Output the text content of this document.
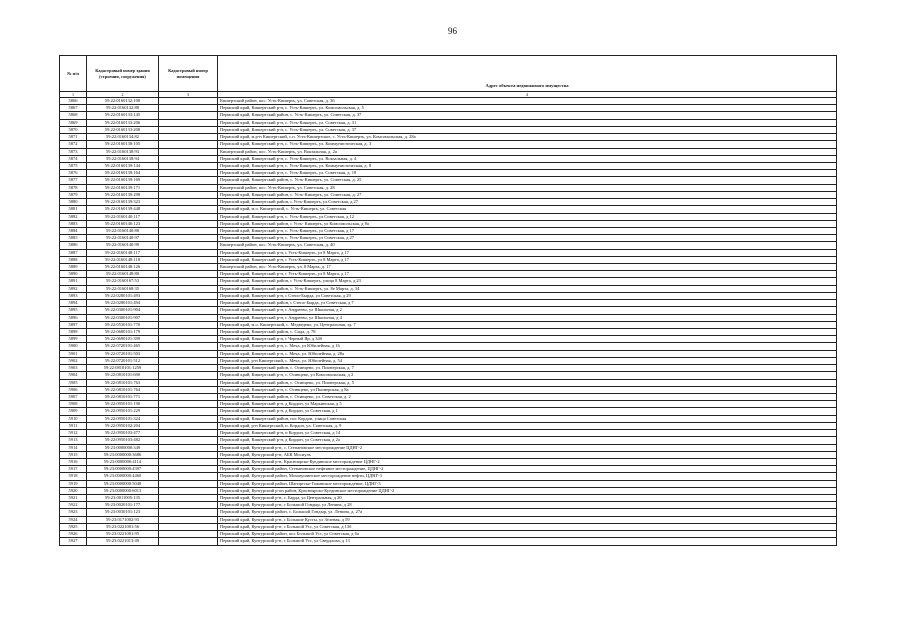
96
№ п/п	Кадастровый номер здания (строения, сооружения)	Кадастровый номер помещения	Адрес объекта недвижимого имущества
1	2	3	4
5866	59:22:0160132:108		Кишертский район, пос. Усть-Кишерть, ул. Советская, д. 36
5867	59:22:0160132:88		Пермский край, Кишертский р-н, с. Усть-Кишерть, ул. Комсомольская, д. 5
5868	59:22:0160133:145		Пермский край, Кишертский район, с. Усть-Кишерть, ул. Советская, д. 37
5869	59:22:0160133:206		Пермский край, Кишертский р-н, с. Усть-Кишерть, ул. Советская, д. 31
5870	59:22:0160133:208		Пермский край, Кишертский р-н, с. Усть-Кишерть, ул. Советская, д. 37
5871	59:22:0160134:82		Пермский край, м.р-н Кишертский, с.п. Усть-Кишертское, с. Усть-Кишерть, ул. Комсомольская, д. 28а
5872	59:22:0160138:105		Пермский край, Кишертский р-н, с. Усть-Кишерть, ул. Коммунистическая, д. 3
5873	59:22:0160138:93		Кишертский район, пос. Усть-Кишерть, ул. Вокзальная, д. 2а
5874	59:22:0160138:94		Пермский край, Кишертский р-н, с. Усть-Кишерть, ул. Вокзальная, д. 4
5875	59:22:0160139:144		Пермский край, Кишертский р-н, с. Усть-Кишерть, ул. Коммунистическая, д. 8
5876	59:22:0160139:164		Пермский край, Кишертский р-н, с. Усть-Кишерть, ул. Советская, д. 18
5877	59:22:0160139:169		Пермский край, Кишертский район, с. Усть-Кишерть, ул. Советская, д. 25
5878	59:22:0160139:171		Кишертский район, пос. Усть-Кишерть, ул. Советская, д. 28
5879	59:22:0160139:298		Пермский край, Кишертский район, с. Усть-Кишерть, ул. Советская, д. 27
5880	59:22:0160139:323		Пермский край, Кишертский район, с.Усть-Кишерть, ул.Советская, д.27
5881	59:22:0160139:448		Пермский край, м.о. Кишертский, с. Усть-Кишерть, ул. Советская
5882	59:22:0160140:117		Пермский край, Кишертский р-н, с. Усть-Кишерть, ул Советская, д 12
5883	59:22:0160140:123		Пермский край, Кишертский район, с Усть- Кишерть, ул Комсомольская, д 8а
5884	59:22:0160140:88		Пермский край, Кишертский р-н, с. Усть-Кишерть, ул Советская, д 17
5885	59:22:0160140:97		Пермский край, Кишертский р-н, с. Усть-Кишерть, ул Советская, д 27
5886	59:22:0160140:99		Кишертский район, пос. Усть-Кишерть, ул. Советская, д. 40
5887	59:22:0160148:117		Пермский край, Кишертский р-н, с Усть-Кишерть, ул 8 Марта, д 17
5888	59:22:0160148:118		Пермский край, Кишертский р-н, с Усть-Кишерть, ул 8 Марта, д 17
5889	59:22:0160148:126		Кишертский район, пос. Усть-Кишерть, ул. 8 Марта, д. 17
5890	59:22:0160148:80		Пермский край, Кишертский р-н, с Усть-Кишерть, ул 8 Марта, д 17
5891	59:22:0160167:53		Пермский край, Кишертский район, с Усть-Кишерть, улица 8 Марта, д 23
5892	59:22:0160168:35		Пермский край, Кишертский район, с. Усть-Кишерть, ул. 8е Марта, д. 34
5893	59:22:0280101:493		Пермский край, Кишертский р-н, с Степо-Бырда, ул Советская, д 29
5894	59:22:0280101:494		Пермский край, Кишертский район, с Степо-Бырда, ул Советская, д 7
5895	59:22:0300101:904		Пермский край, Кишертский р-н, с Андреево, ул Школьная, д 2
5896	59:22:0300101:907		Пермский край, Кишертский р-н, с Андреево, ул Школьная, д 4
5897	59:22:0530101:770		Пермский край, м.о. Кишертский, с. Медведево, ул. Центральная, зд. 7
5898	59:22:0680101:179		Пермский край, Кишертский район, с. Сида, д. 78
5899	59:22:0690101:399		Пермский край, Кишертский р-н, с Черный Яр, д 34б
5900	59:22:0720101:465		Пермский край, Кишертский р-н, с. Меча, ул Юбилейная, д 16
5901	59:22:0720101:503		Пермский край, Кишертский р-н, с. Меча, ул. Юбилейная, д. 28а
5902	59:22:0720101:512		Пермский край, р-н Кишертский, с. Меча, ул. Юбилейная, д. 54
5903	59:22:0810101:1259		Пермский край, Кишертский район, с. Осинцево, ул. Пионерская, д. 7
5904	59:22:0810101:690		Пермский край, Кишертский р-н, с. Осинцево, ул Комсомольская, д 2
5905	59:22:0810101:763		Пермский край, Кишертский район, с. Осинцево, ул. Пионерская, д. 5
5906	59:22:0810101:764		Пермский край, Кишертский р-н, с. Осинцево, ул Пионерская, д 8а
5907	59:22:0810101:771		Пермский край, Кишертский район, с. Осинцево, ул. Советская, д. 2
5908	59:22:0950101:190		Пермский край, Кишертский р-н, д Кордон, ул Марьинская, д 5
5909	59:22:0950101:229		Пермский край, Кишертский р-н, д Кордон, ул Советская, д 1
5910	59:22:0950101:324		Пермский край, Кишертский район, пос Кордон, улица Советская
5911	59:22:0950102:204		Пермский край, р-н Кишертский, п. Кордон, ул. Советская, д. 9
5912	59:22:0950103:477		Пермский край, Кишертский р-н, п Кордон, ул Советская, д 14
5913	59:22:0950103:482		Пермский край, Кишертский р-н, д Кордон, ул Советская, д 2а
5914	59:23:0000000:349		Пермский край, Кунгурский р-н, с. Степановское месторождение ЦДНГ-2
5915	59:23:0000000:3686		Пермский край, Кунгурский р-н, АБК Мосиуль
5916	59:23:0000000:4114		Пермский край, Кунгурский р-н, Красноярско-Куединское месторождение ЦДНГ-2
5917	59:23:0000000:4397		Пермский край, Кунгурский район, Степановское нефтяное месторождение, ЦДНГ-2
5918	59:23:0000000:4460		Пермский край, Кунгурский район, Моховушинское месторождение нефти, ЦДНГ-3
5919	59:23:0000000:5048		Пермский край, Кунгурский район, Шагиртско-Гожанское месторождение, ЦДНГ-3
5920	59:23:0000000:6013		Пермский край, Кунгурский р-он район, Красноярско-Куединское месторождение ЦДНГ-2
5921	59:23:0011005:135		Пермский край, Кунгурский р-н, с. Барда, ул Центральная, д 20
5922	59:23:0020101:177		Пермский край, Кунгурский р-н, с Большой Гондыр, ул Ленина, д 28
5923	59:23:0030101:123		Пермский край, Кунгурский район, с. Большой Гондыр, ул. Ленина, д. 27а
5924	59:23:0171002:93		Пермский край, Кунгурский р-н, с Большие Кусты, ул Зеленая, д 59
5925	59:23:0221001:56		Пермский край, Кунгурский р-н, с Большой Усс, ул Советская, д 13б
5926	59:23:0221001:95		Пермский край, Кунгурский район, пос Большой Усс, ул Советская, д 6а
5927	59:23:0221013:49		Пермский край, Кунгурский р-н, с Большой Усс, ул Свердлова, д 13
